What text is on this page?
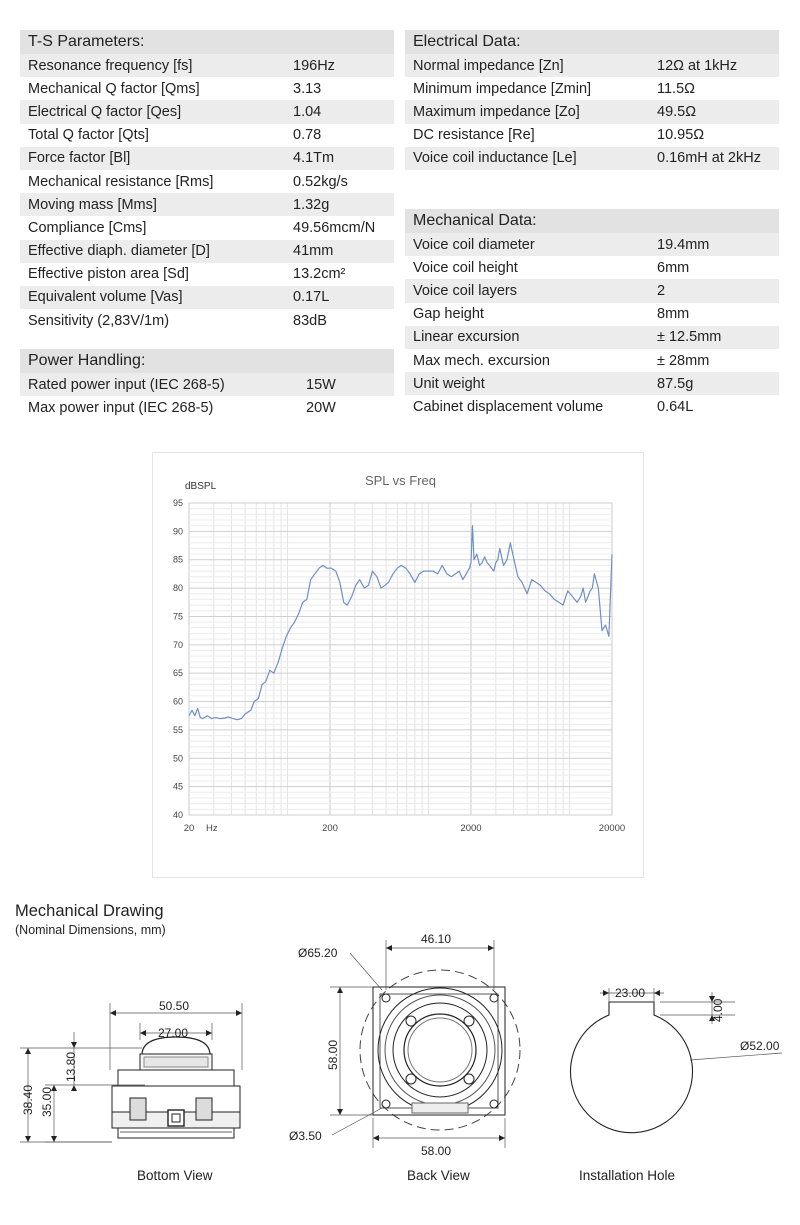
T-S Parameters:
Resonance frequency [fs]	196Hz
Mechanical Q factor [Qms]	3.13
Electrical Q factor [Qes]	1.04
Total Q factor [Qts]	0.78
Force factor [Bl]	4.1Tm
Mechanical resistance [Rms]	0.52kg/s
Moving mass [Mms]	1.32g
Compliance [Cms]	49.56mcm/N
Effective diaph. diameter [D]	41mm
Effective piston area [Sd]	13.2cm²
Equivalent volume [Vas]	0.17L
Sensitivity (2,83V/1m)	83dB
Power Handling:
Rated power input (IEC 268-5)	15W
Max power input (IEC 268-5)	20W
Electrical Data:
Normal impedance [Zn]	12Ω at 1kHz
Minimum impedance [Zmin]	11.5Ω
Maximum impedance [Zo]	49.5Ω
DC resistance [Re]	10.95Ω
Voice coil inductance [Le]	0.16mH at 2kHz
Mechanical Data:
Voice coil diameter	19.4mm
Voice coil height	6mm
Voice coil layers	2
Gap height	8mm
Linear excursion	± 12.5mm
Max mech. excursion	± 28mm
Unit weight	87.5g
Cabinet displacement volume	0.64L
40
45
50
55
60
65
70
75
80
85
90
95
20	200	2000	20000
Hz
dBSPL	SPL vs Freq
Mechanical Drawing
(Nominal Dimensions, mm)
50.50
27.00
13.80
38.40 35.00
Ø65.20
46.10
58.00
58.00
Ø3.50
23.00
4.00
Ø52.00
Bottom View	Back View	Installation Hole
